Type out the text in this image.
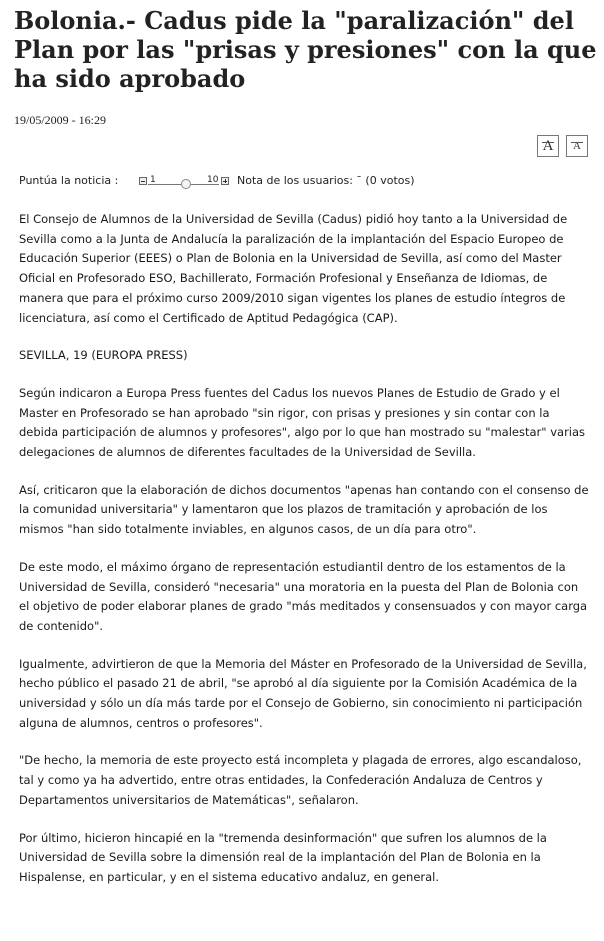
Bolonia.- Cadus pide la "paralización" del Plan por las "prisas y presiones" con la que ha sido aprobado
19/05/2009 - 16:29
A A
Puntúa la noticia :	1	10 Nota de los usuarios: ¯ (0 votos)

El Consejo de Alumnos de la Universidad de Sevilla (Cadus) pidió hoy tanto a la Universidad de Sevilla como a la Junta de Andalucía la paralización de la implantación del Espacio Europeo de Educación Superior (EEES) o Plan de Bolonia en la Universidad de Sevilla, así como del Master Oficial en Profesorado ESO, Bachillerato, Formación Profesional y Enseñanza de Idiomas, de manera que para el próximo curso 2009/2010 sigan vigentes los planes de estudio íntegros de licenciatura, así como el Certificado de Aptitud Pedagógica (CAP).

SEVILLA, 19 (EUROPA PRESS)

Según indicaron a Europa Press fuentes del Cadus los nuevos Planes de Estudio de Grado y el Master en Profesorado se han aprobado "sin rigor, con prisas y presiones y sin contar con la debida participación de alumnos y profesores", algo por lo que han mostrado su "malestar" varias delegaciones de alumnos de diferentes facultades de la Universidad de Sevilla.

Así, criticaron que la elaboración de dichos documentos "apenas han contando con el consenso de la comunidad universitaria" y lamentaron que los plazos de tramitación y aprobación de los mismos "han sido totalmente inviables, en algunos casos, de un día para otro".

De este modo, el máximo órgano de representación estudiantil dentro de los estamentos de la Universidad de Sevilla, consideró "necesaria" una moratoria en la puesta del Plan de Bolonia con el objetivo de poder elaborar planes de grado "más meditados y consensuados y con mayor carga de contenido".

Igualmente, advirtieron de que la Memoria del Máster en Profesorado de la Universidad de Sevilla, hecho público el pasado 21 de abril, "se aprobó al día siguiente por la Comisión Académica de la universidad y sólo un día más tarde por el Consejo de Gobierno, sin conocimiento ni participación alguna de alumnos, centros o profesores".

"De hecho, la memoria de este proyecto está incompleta y plagada de errores, algo escandaloso, tal y como ya ha advertido, entre otras entidades, la Confederación Andaluza de Centros y Departamentos universitarios de Matemáticas", señalaron.

Por último, hicieron hincapié en la "tremenda desinformación" que sufren los alumnos de la Universidad de Sevilla sobre la dimensión real de la implantación del Plan de Bolonia en la Hispalense, en particular, y en el sistema educativo andaluz, en general.
